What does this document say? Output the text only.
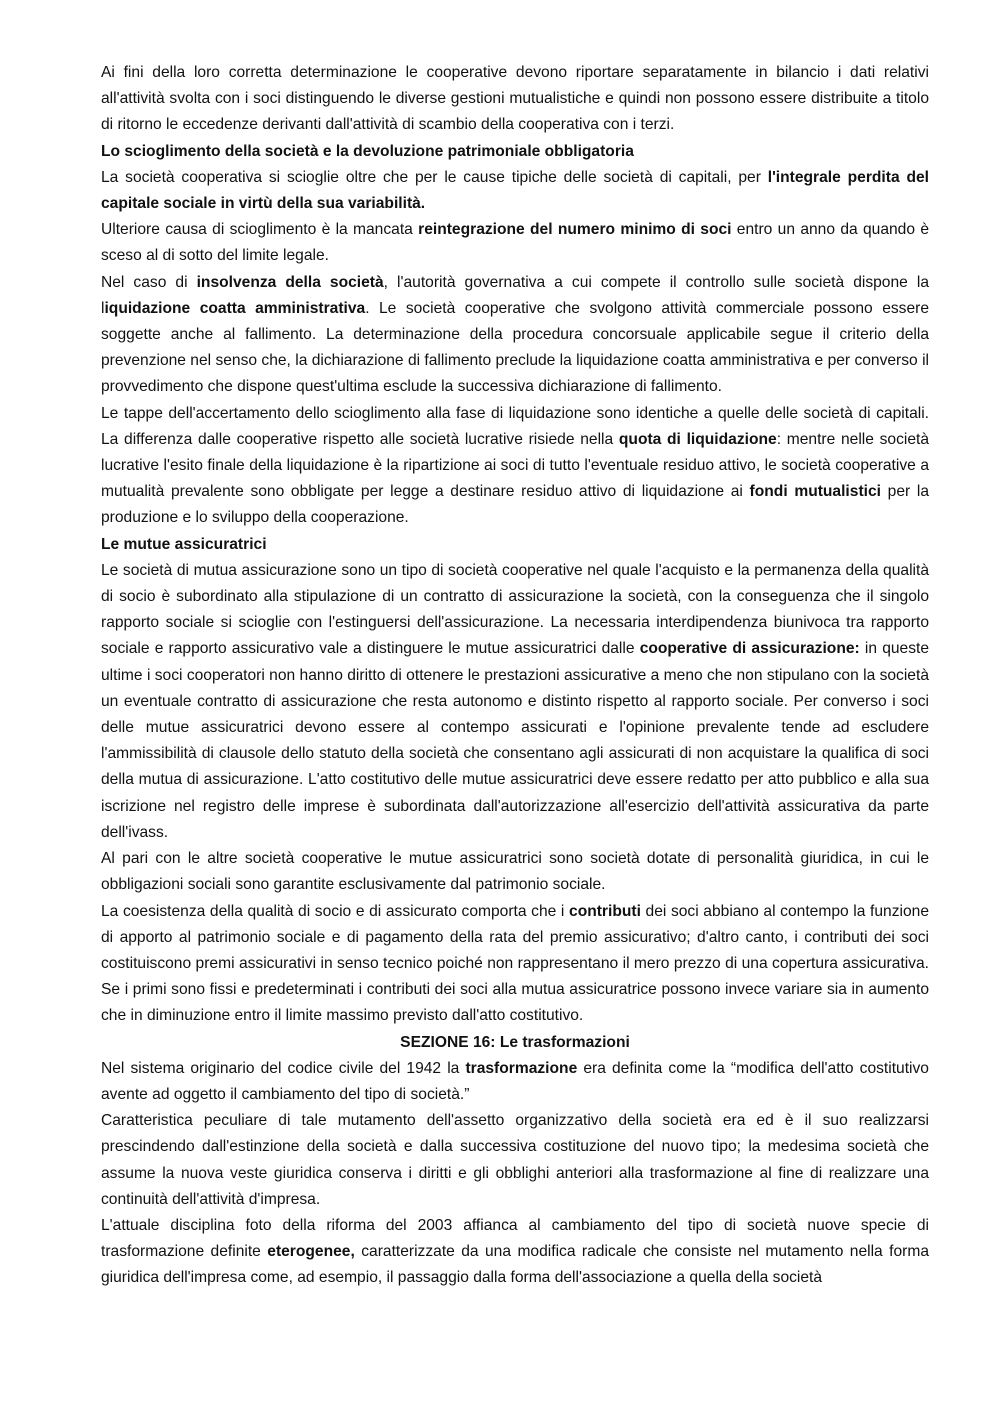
Ai fini della loro corretta determinazione le cooperative devono riportare separatamente in bilancio i dati relativi all'attività svolta con i soci distinguendo le diverse gestioni mutualistiche e quindi non possono essere distribuite a titolo di ritorno le eccedenze derivanti dall'attività di scambio della cooperativa con i terzi.

Lo scioglimento della società e la devoluzione patrimoniale obbligatoria

La società cooperativa si scioglie oltre che per le cause tipiche delle società di capitali, per l'integrale perdita del capitale sociale in virtù della sua variabilità.

Ulteriore causa di scioglimento è la mancata reintegrazione del numero minimo di soci entro un anno da quando è sceso al di sotto del limite legale.

Nel caso di insolvenza della società, l'autorità governativa a cui compete il controllo sulle società dispone la liquidazione coatta amministrativa. Le società cooperative che svolgono attività commerciale possono essere soggette anche al fallimento. La determinazione della procedura concorsuale applicabile segue il criterio della prevenzione nel senso che, la dichiarazione di fallimento preclude la liquidazione coatta amministrativa e per converso il provvedimento che dispone quest'ultima esclude la successiva dichiarazione di fallimento.

Le tappe dell'accertamento dello scioglimento alla fase di liquidazione sono identiche a quelle delle società di capitali. La differenza dalle cooperative rispetto alle società lucrative risiede nella quota di liquidazione: mentre nelle società lucrative l'esito finale della liquidazione è la ripartizione ai soci di tutto l'eventuale residuo attivo, le società cooperative a mutualità prevalente sono obbligate per legge a destinare residuo attivo di liquidazione ai fondi mutualistici per la produzione e lo sviluppo della cooperazione.

Le mutue assicuratrici

Le società di mutua assicurazione sono un tipo di società cooperative nel quale l'acquisto e la permanenza della qualità di socio è subordinato alla stipulazione di un contratto di assicurazione la società, con la conseguenza che il singolo rapporto sociale si scioglie con l'estinguersi dell'assicurazione. La necessaria interdipendenza biunivoca tra rapporto sociale e rapporto assicurativo vale a distinguere le mutue assicuratrici dalle cooperative di assicurazione: in queste ultime i soci cooperatori non hanno diritto di ottenere le prestazioni assicurative a meno che non stipulano con la società un eventuale contratto di assicurazione che resta autonomo e distinto rispetto al rapporto sociale. Per converso i soci delle mutue assicuratrici devono essere al contempo assicurati e l'opinione prevalente tende ad escludere l'ammissibilità di clausole dello statuto della società che consentano agli assicurati di non acquistare la qualifica di soci della mutua di assicurazione. L'atto costitutivo delle mutue assicuratrici deve essere redatto per atto pubblico e alla sua iscrizione nel registro delle imprese è subordinata dall'autorizzazione all'esercizio dell'attività assicurativa da parte dell'ivass.

Al pari con le altre società cooperative le mutue assicuratrici sono società dotate di personalità giuridica, in cui le obbligazioni sociali sono garantite esclusivamente dal patrimonio sociale.

La coesistenza della qualità di socio e di assicurato comporta che i contributi dei soci abbiano al contempo la funzione di apporto al patrimonio sociale e di pagamento della rata del premio assicurativo; d'altro canto, i contributi dei soci costituiscono premi assicurativi in senso tecnico poiché non rappresentano il mero prezzo di una copertura assicurativa. Se i primi sono fissi e predeterminati i contributi dei soci alla mutua assicuratrice possono invece variare sia in aumento che in diminuzione entro il limite massimo previsto dall'atto costitutivo.

SEZIONE 16: Le trasformazioni

Nel sistema originario del codice civile del 1942 la trasformazione era definita come la “modifica dell'atto costitutivo avente ad oggetto il cambiamento del tipo di società.”

Caratteristica peculiare di tale mutamento dell'assetto organizzativo della società era ed è il suo realizzarsi prescindendo dall'estinzione della società e dalla successiva costituzione del nuovo tipo; la medesima società che assume la nuova veste giuridica conserva i diritti e gli obblighi anteriori alla trasformazione al fine di realizzare una continuità dell'attività d'impresa.

L'attuale disciplina foto della riforma del 2003 affianca al cambiamento del tipo di società nuove specie di trasformazione definite eterogenee, caratterizzate da una modifica radicale che consiste nel mutamento nella forma giuridica dell'impresa come, ad esempio, il passaggio dalla forma dell'associazione a quella della società
